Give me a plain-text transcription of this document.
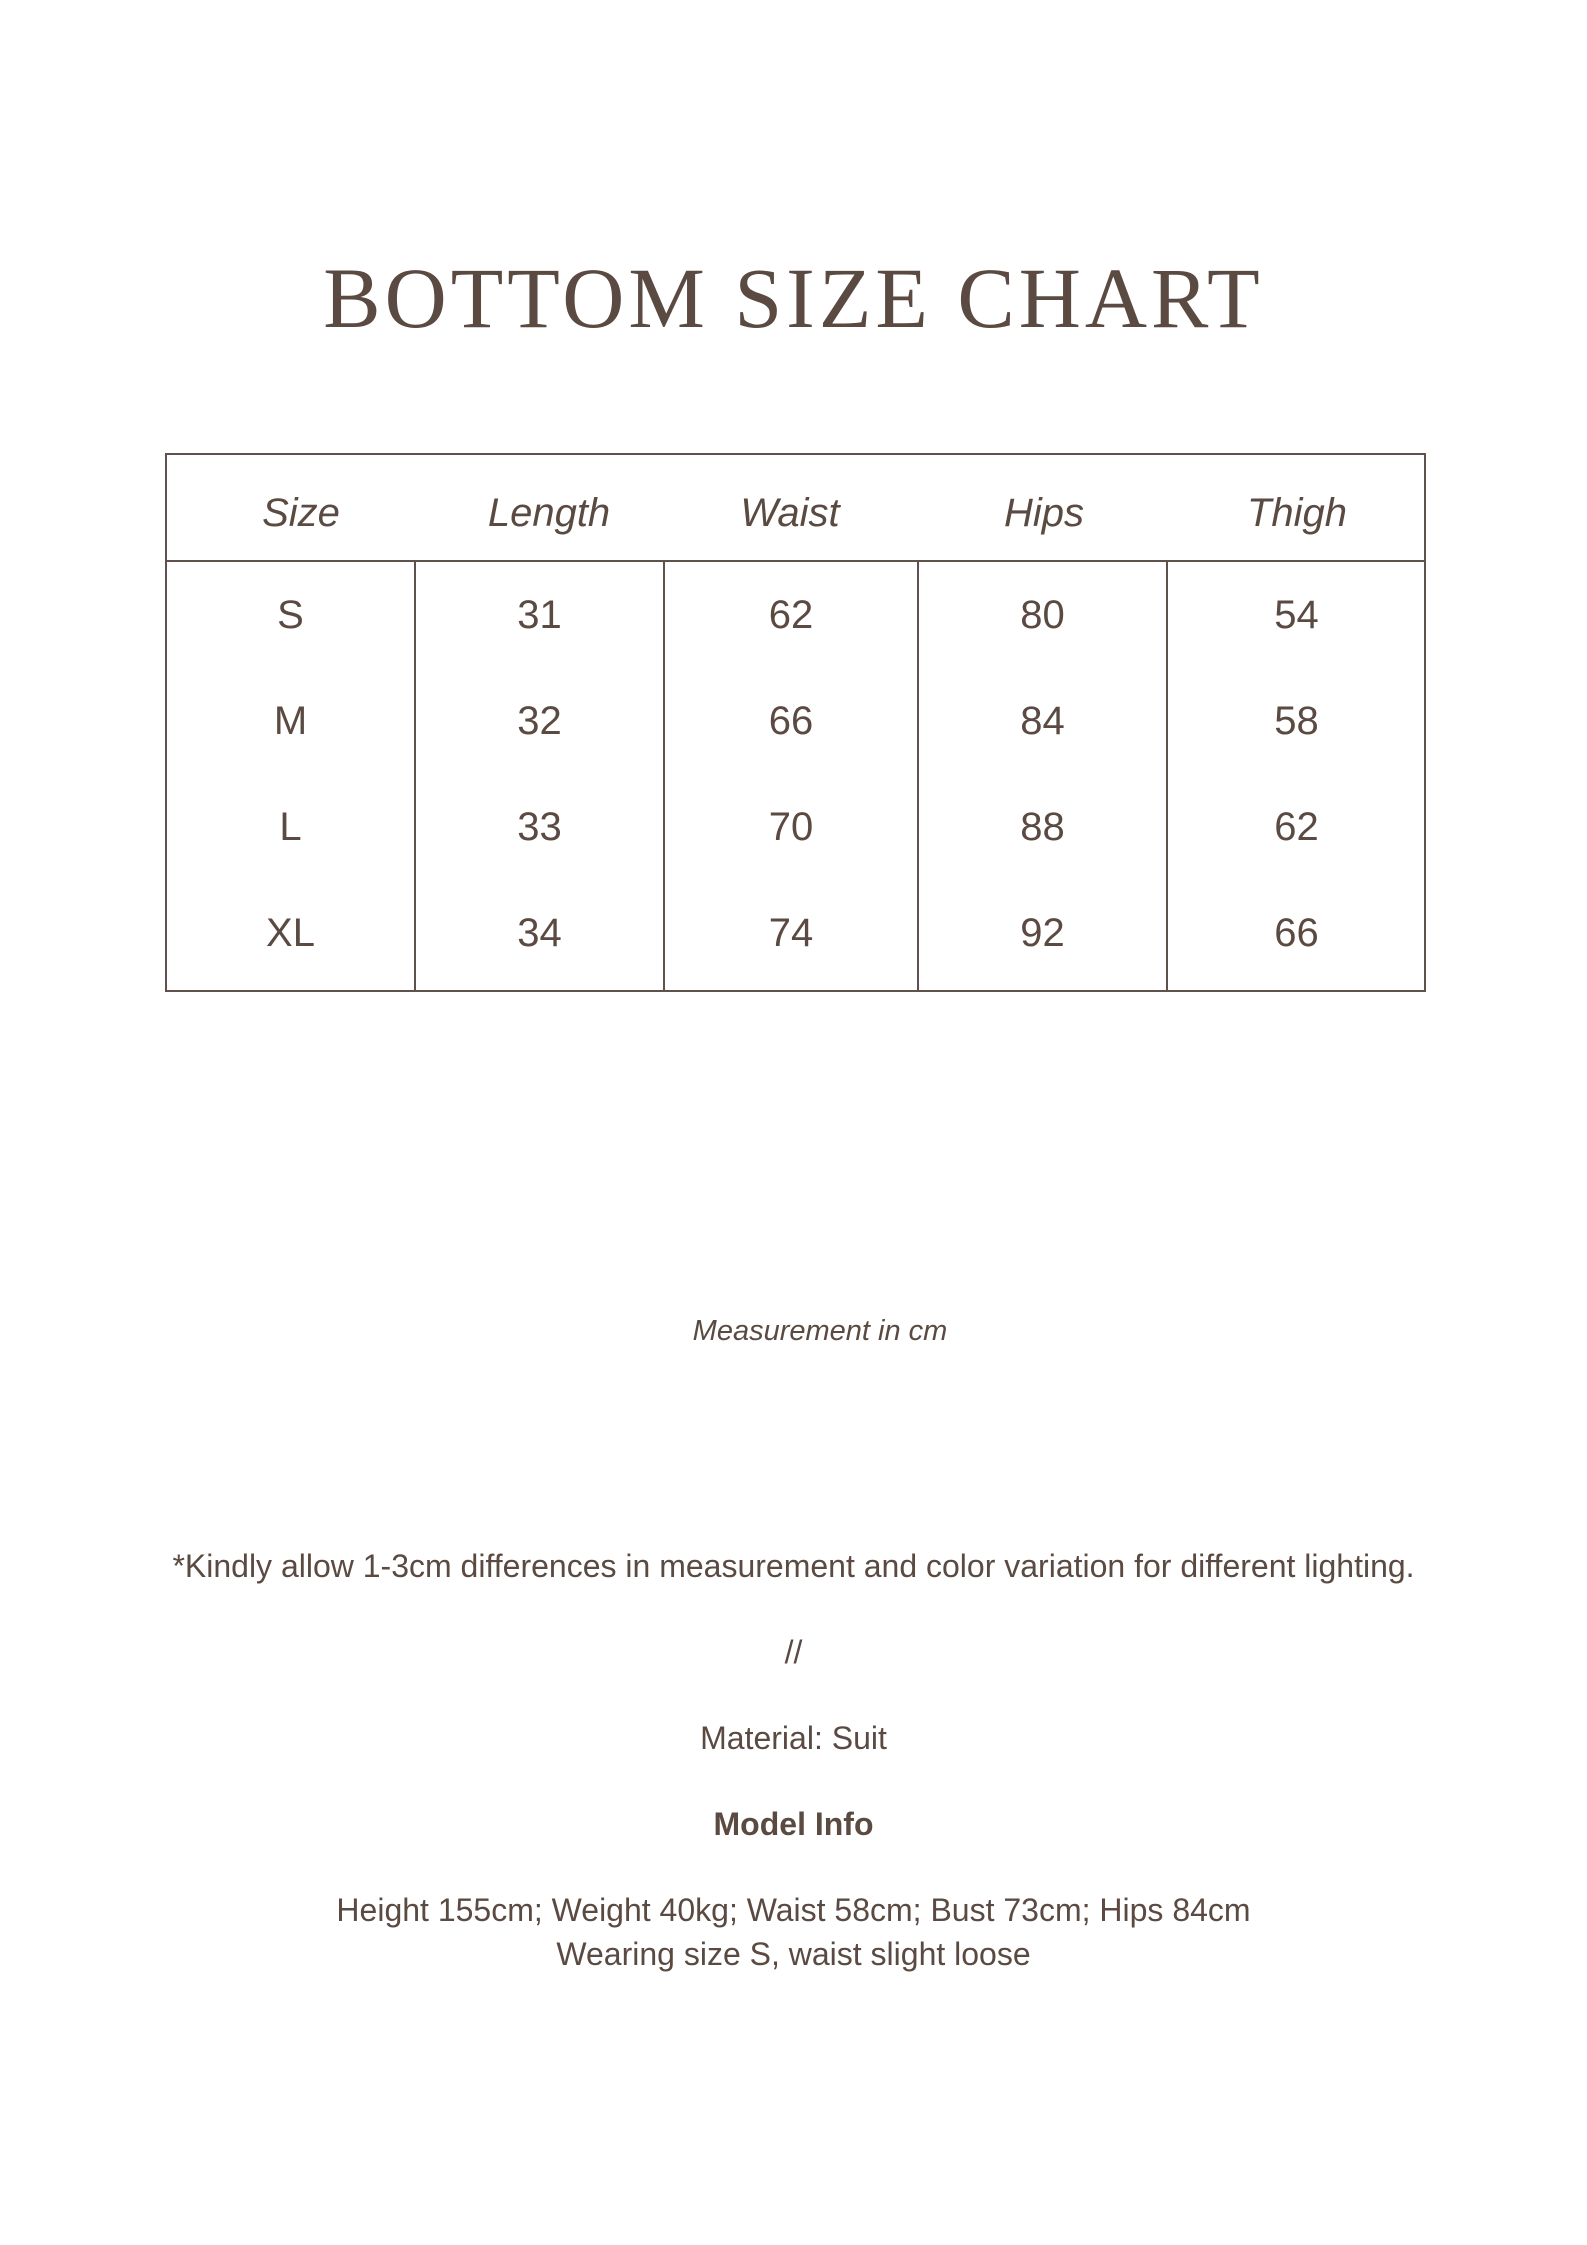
BOTTOM SIZE CHART
Size	Length	Waist	Hips	Thigh
S	31	62	80	54
M	32	66	84	58
L	33	70	88	62
XL	34	74	92	66
Measurement in cm
*Kindly allow 1-3cm differences in measurement and color variation for different lighting.
//
Material: Suit
Model Info
Height 155cm; Weight 40kg; Waist 58cm; Bust 73cm; Hips 84cm
Wearing size S, waist slight loose
